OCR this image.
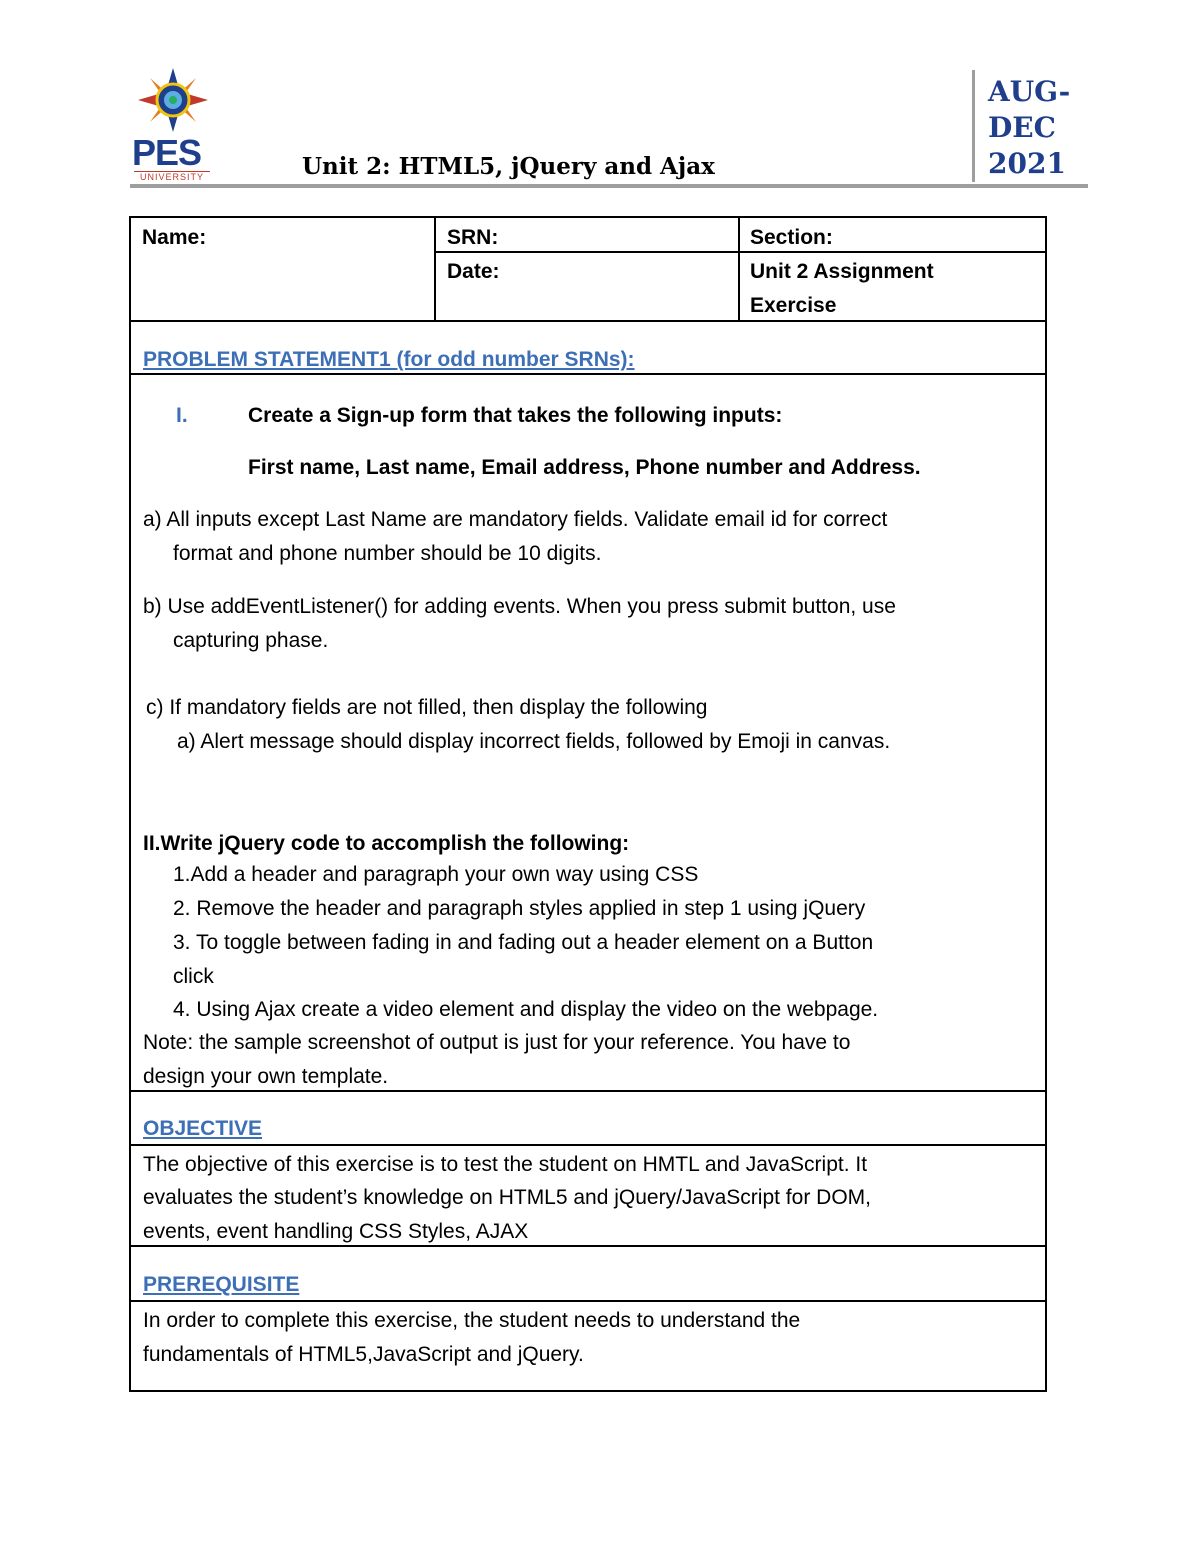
PES
UNIVERSITY	Unit 2: HTML5, jQuery and Ajax
AUG-
DEC
2021
Name:	SRN:	Section:
Date:	Unit 2 Assignment
Exercise
PROBLEM STATEMENT1 (for odd number SRNs):
I.	Create a Sign-up form that takes the following inputs:
First name, Last name, Email address, Phone number and Address.
a) All inputs except Last Name are mandatory fields. Validate email id for correct
format and phone number should be 10 digits.
b) Use addEventListener() for adding events. When you press submit button, use
capturing phase.
c) If mandatory fields are not filled, then display the following
a) Alert message should display incorrect fields, followed by Emoji in canvas.
II.Write jQuery code to accomplish the following:
1.Add a header and paragraph your own way using CSS
2. Remove the header and paragraph styles applied in step 1 using jQuery
3. To toggle between fading in and fading out a header element on a Button
click
4. Using Ajax create a video element and display the video on the webpage.
Note: the sample screenshot of output is just for your reference. You have to
design your own template.
OBJECTIVE
The objective of this exercise is to test the student on HMTL and JavaScript. It
evaluates the student’s knowledge on HTML5 and jQuery/JavaScript for DOM,
events, event handling CSS Styles, AJAX
PREREQUISITE
In order to complete this exercise, the student needs to understand the
fundamentals of HTML5,JavaScript and jQuery.
